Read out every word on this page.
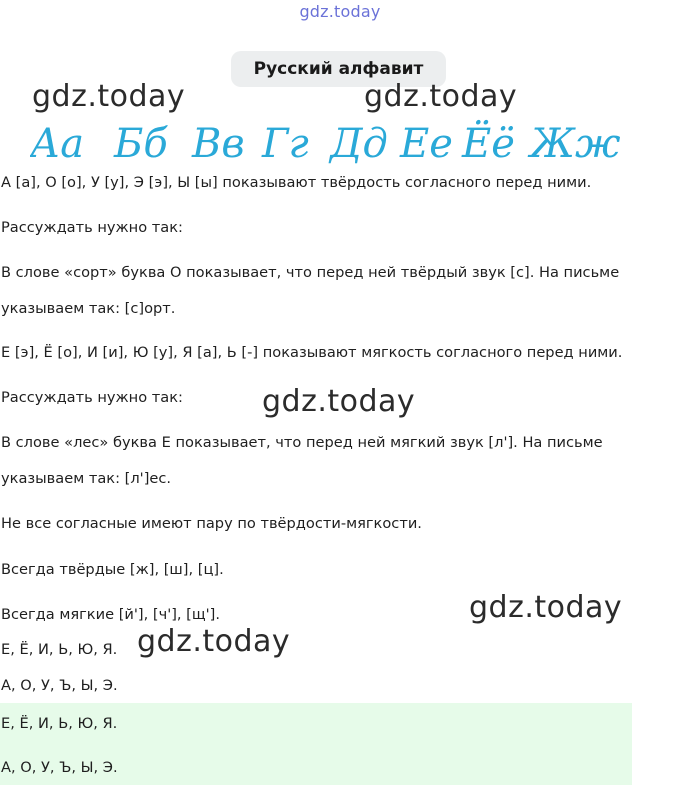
gdz.today
Русский алфавит
Аа Бб Вв Гг Дд Ее Ёё Жж
gdz.today	gdz.today
А [а], О [о], У [у], Э [э], Ы [ы] показывают твёрдость согласного перед ними.
Рассуждать нужно так:
В слове «сорт» буква О показывает, что перед ней твёрдый звук [с]. На письме
указываем так: [с]орт.
Е [э], Ё [о], И [и], Ю [у], Я [а], Ь [-] показывают мягкость согласного перед ними.
Рассуждать нужно так:
В слове «лес» буква Е показывает, что перед ней мягкий звук [л']. На письме
указываем так: [л']ес.
Не все согласные имеют пару по твёрдости-мягкости.
Всегда твёрдые [ж], [ш], [ц].
Всегда мягкие [й'], [ч'], [щ'].
Е, Ё, И, Ь, Ю, Я.
А, О, У, Ъ, Ы, Э.
gdz.today
gdz.today
gdz.today
Е, Ё, И, Ь, Ю, Я.
А, О, У, Ъ, Ы, Э.
